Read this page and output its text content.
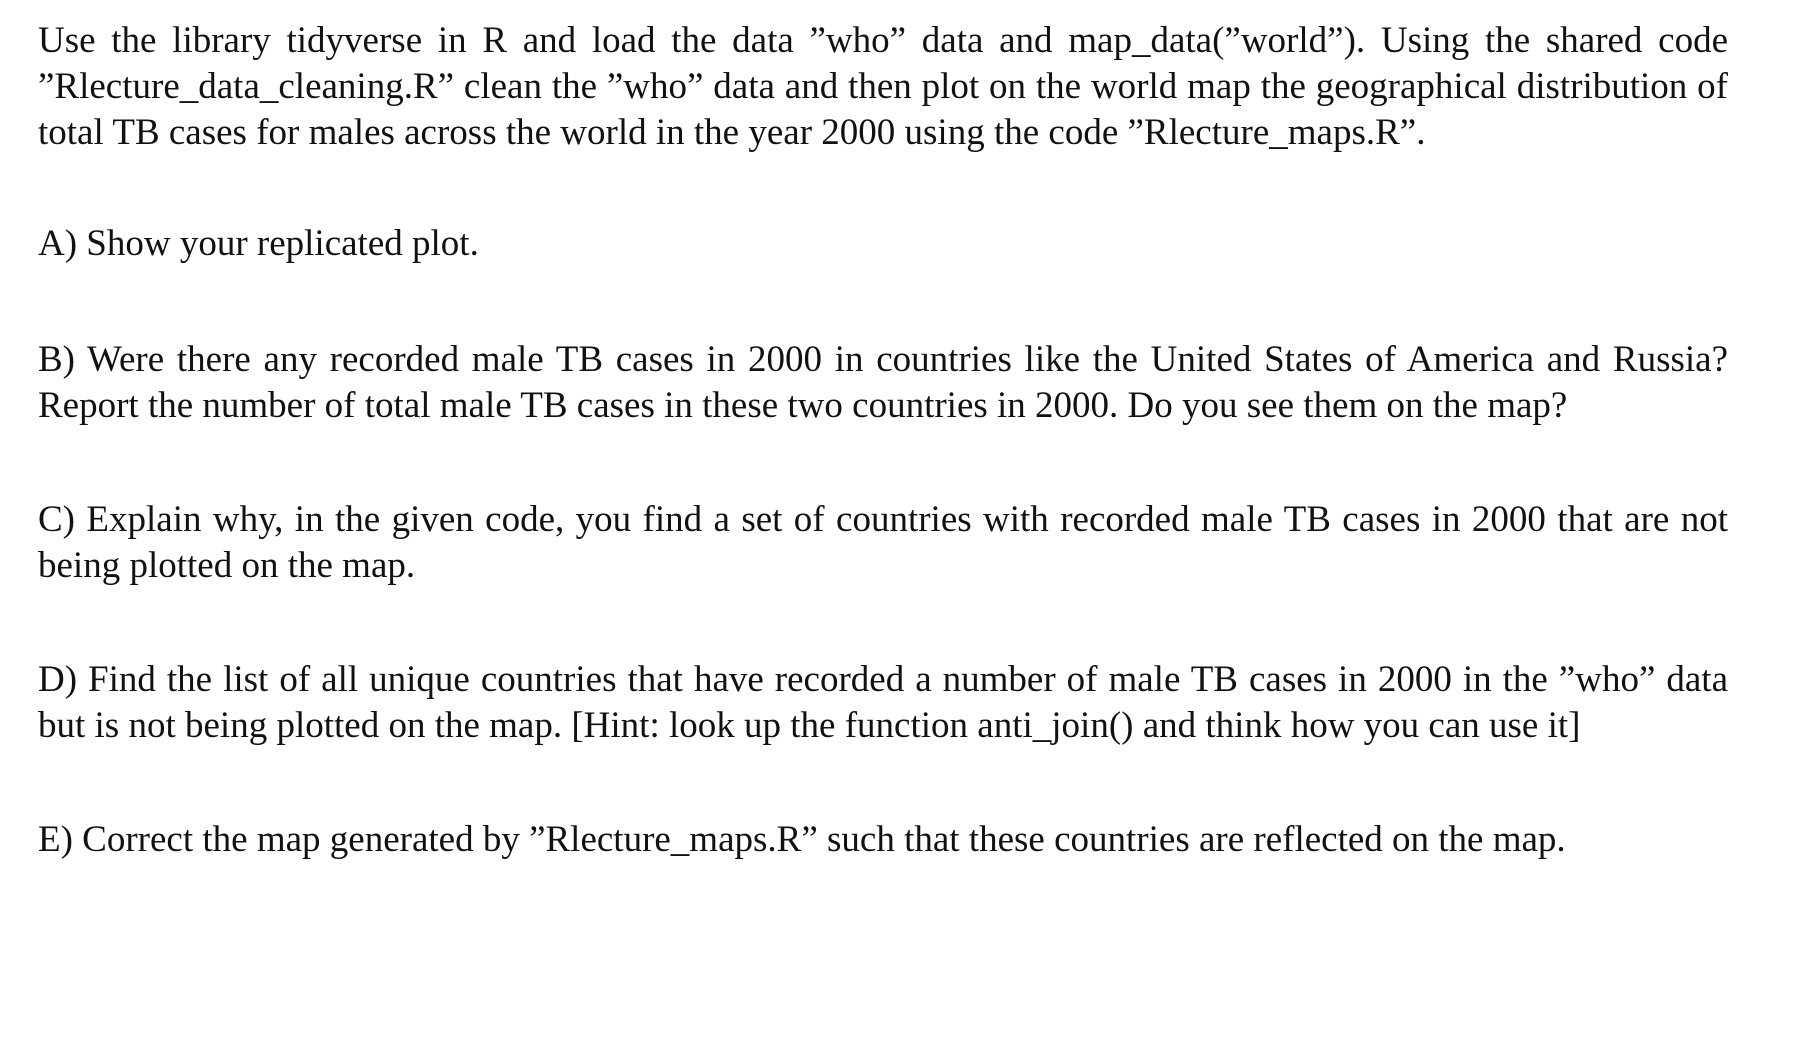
Use the library tidyverse in R and load the data ”who” data and map_data(”world”). Using the shared code ”Rlecture_data_cleaning.R” clean the ”who” data and then plot on the world map the geographical distribution of total TB cases for males across the world in the year 2000 using the code ”Rlecture_maps.R”.

A) Show your replicated plot.

B) Were there any recorded male TB cases in 2000 in countries like the United States of America and Russia? Report the number of total male TB cases in these two countries in 2000. Do you see them on the map?

C) Explain why, in the given code, you find a set of countries with recorded male TB cases in 2000 that are not being plotted on the map.

D) Find the list of all unique countries that have recorded a number of male TB cases in 2000 in the ”who” data but is not being plotted on the map. [Hint: look up the function anti_join() and think how you can use it]

E) Correct the map generated by ”Rlecture_maps.R” such that these countries are reflected on the map.
